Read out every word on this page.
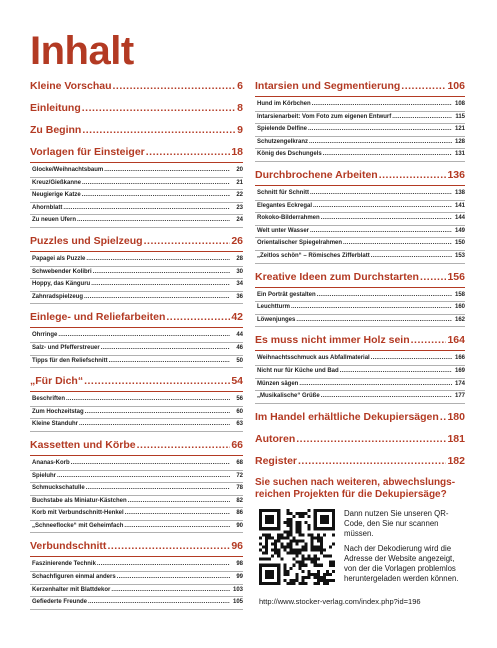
Inhalt
Kleine Vorschau .....	6
Einleitung .....	8
Zu Beginn .....	9
Vorlagen für Einsteiger .....	18
Glocke/Weihnachtsbaum .....	20
Kreuz/Gießkanne .....	21
Neugierige Katze .....	22
Ahornblatt .....	23
Zu neuen Ufern .....	24
Puzzles und Spielzeug .....	26
Papagei als Puzzle .....	28
Schwebender Kolibri .....	30
Hoppy, das Känguru .....	34
Zahnradspielzeug .....	36
Einlege- und Reliefarbeiten .....	42
Ohrringe .....	44
Salz- und Pfefferstreuer .....	46
Tipps für den Reliefschnitt .....	50
„Für Dich“ .....	54
Beschriften .....	56
Zum Hochzeitstag .....	60
Kleine Standuhr .....	63
Kassetten und Körbe .....	66
Ananas-Korb .....	68
Spieluhr .....	72
Schmuckschatulle .....	78
Buchstabe als Miniatur-Kästchen .....	82
Korb mit Verbundschnitt-Henkel .....	86
„Schneeflocke“ mit Geheimfach .....	90
Verbundschnitt .....	96
Faszinierende Technik .....	98
Schachfiguren einmal anders .....	99
Kerzenhalter mit Blattdekor .....	103
Gefiederte Freunde .....	105
Intarsien und Segmentierung .....	106
Hund im Körbchen .....	108
Intarsienarbeit: Vom Foto zum eigenen Entwurf .....	115
Spielende Delfine .....	121
Schutzengelkranz .....	128
König des Dschungels .....	131
Durchbrochene Arbeiten .....	136
Schnitt für Schnitt .....	138
Elegantes Eckregal .....	141
Rokoko-Bilderrahmen .....	144
Welt unter Wasser .....	149
Orientalischer Spiegelrahmen .....	150
„Zeitlos schön“ – Römisches Zifferblatt .....	153
Kreative Ideen zum Durchstarten .....	156
Ein Porträt gestalten .....	158
Leuchtturm .....	160
Löwenjunges .....	162
Es muss nicht immer Holz sein .....	164
Weihnachtsschmuck aus Abfallmaterial .....	166
Nicht nur für Küche und Bad .....	169
Münzen sägen .....	174
„Musikalische“ Grüße .....	177
Im Handel erhältliche Dekupiersägen ..... 180
Autoren .....	181
Register .....	182
Sie suchen nach weiteren, abwechslungs-
reichen Projekten für die Dekupiersäge?

Dann nutzen Sie unseren QR-Code, den Sie nur scannen müssen.

Nach der Dekodierung wird die Adresse der Website angezeigt, von der die Vorlagen problemlos heruntergeladen werden können.

http://www.stocker-verlag.com/index.php?id=196
